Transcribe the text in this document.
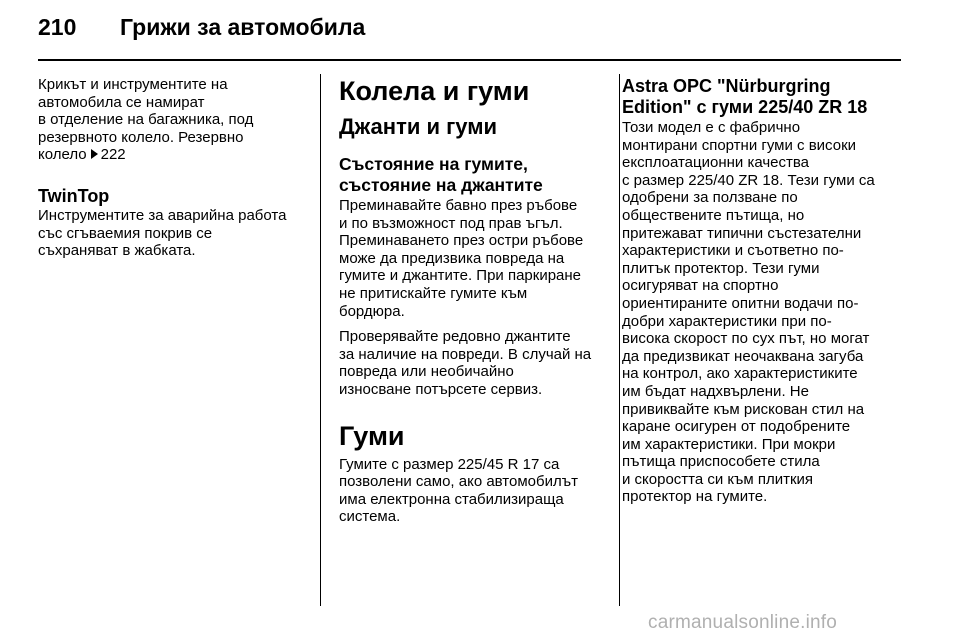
210 Грижи за автомобила

Крикът и инструментите на
автомобила се намират
в отделение на багажника, под
резервното колело. Резервно
колело 222

TwinTop

Инструментите за аварийна работа
със сгъваемия покрив се
съхраняват в жабката.

Колела и гуми
Джанти и гуми
Състояние на гумите,
състояние на джантите

Преминавайте бавно през ръбове
и по възможност под прав ъгъл.
Преминаването през остри ръбове
може да предизвика повреда на
гумите и джантите. При паркиране
не притискайте гумите към
бордюра.

Проверявайте редовно джантите
за наличие на повреди. В случай на
повреда или необичайно
износване потърсете сервиз.

Гуми

Гумите с размер 225/45 R 17 са
позволени само, ако автомобилът
има електронна стабилизираща
система.

Astra OPC "Nürburgring
Edition" с гуми 225/40 ZR 18

Този модел е с фабрично
монтирани спортни гуми с високи
експлоатационни качества
с размер 225/40 ZR 18. Тези гуми са
одобрени за ползване по
обществените пътища, но
притежават типични състезателни
характеристики и съответно по-
плитък протектор. Тези гуми
осигуряват на спортно
ориентираните опитни водачи по-
добри характеристики при по-
висока скорост по сух път, но могат
да предизвикат неочаквана загуба
на контрол, ако характеристиките
им бъдат надхвърлени. Не
привиквайте към рискован стил на
каране осигурен от подобрените
им характеристики. При мокри
пътища приспособете стила
и скоростта си към плиткия
протектор на гумите.

carmanualsonline.info
